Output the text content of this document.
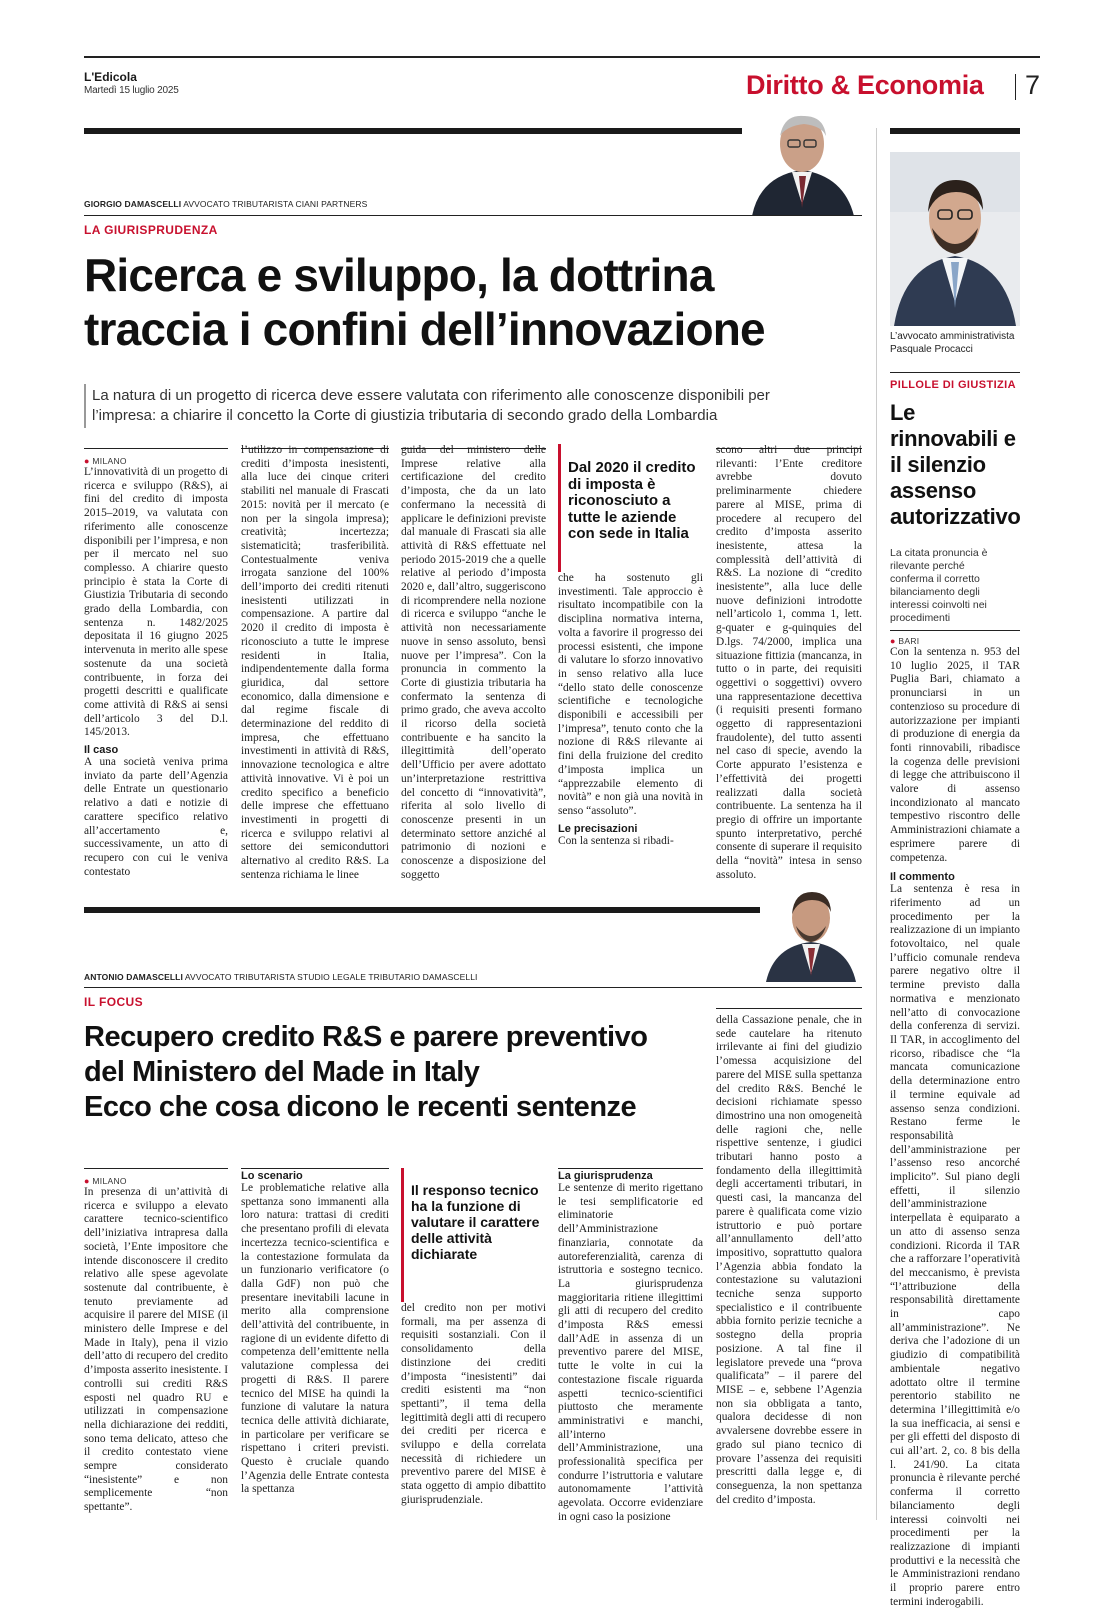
L'Edicola
Martedì 15 luglio 2025	Diritto & Economia 7
GIORGIO DAMASCELLI AVVOCATO TRIBUTARISTA CIANI PARTNERS
LA GIURISPRUDENZA
Ricerca e sviluppo, la dottrina
traccia i confini dell’innovazione
La natura di un progetto di ricerca deve essere valutata con riferimento alle conoscenze disponibili per l’impresa: a chiarire il concetto la Corte di giustizia tributaria di secondo grado della Lombardia
● MILANO

L’innovatività di un progetto di ricerca e sviluppo (R&S), ai fini del credito di imposta 2015–2019, va valutata con riferimento alle conoscenze disponibili per l’impresa, e non per il mercato nel suo complesso. A chiarire questo principio è stata la Corte di Giustizia Tributaria di secondo grado della Lombardia, con sentenza n. 1482/2025 depositata il 16 giugno 2025 intervenuta in merito alle spese sostenute da una società contribuente, in forza dei progetti descritti e qualificate come attività di R&S ai sensi dell’articolo 3 del D.l. 145/2013.

Il caso

A una società veniva prima inviato da parte dell’Agenzia delle Entrate un questionario relativo a dati e notizie di carattere specifico relativo all’accertamento e, successivamente, un atto di recupero con cui le veniva contestato

l’utilizzo in compensazione di crediti d’imposta inesistenti, alla luce dei cinque criteri stabiliti nel manuale di Frascati 2015: novità per il mercato (e non per la singola impresa); creatività; incertezza; sistematicità; trasferibilità. Contestualmente veniva irrogata sanzione del 100% dell’importo dei crediti ritenuti inesistenti utilizzati in compensazione. A partire dal 2020 il credito di imposta è riconosciuto a tutte le imprese residenti in Italia, indipendentemente dalla forma giuridica, dal settore economico, dalla dimensione e dal regime fiscale di determinazione del reddito di impresa, che effettuano investimenti in attività di R&S, innovazione tecnologica e altre attività innovative. Vi è poi un credito specifico a beneficio delle imprese che effettuano investimenti in progetti di ricerca e sviluppo relativi al settore dei semiconduttori alternativo al credito R&S. La sentenza richiama le linee

guida del ministero delle Imprese relative alla certificazione del credito d’imposta, che da un lato confermano la necessità di applicare le definizioni previste dal manuale di Frascati sia alle attività di R&S effettuate nel periodo 2015-2019 che a quelle relative al periodo d’imposta 2020 e, dall’altro, suggeriscono di ricomprendere nella nozione di ricerca e sviluppo “anche le attività non necessariamente nuove in senso assoluto, bensì nuove per l’impresa”. Con la pronuncia in commento la Corte di giustizia tributaria ha confermato la sentenza di primo grado, che aveva accolto il ricorso della società contribuente e ha sancito la illegittimità dell’operato dell’Ufficio per avere adottato un’interpretazione restrittiva del concetto di “innovatività”, riferita al solo livello di conoscenze presenti in un determinato settore anziché al patrimonio di nozioni e conoscenze a disposizione del soggetto

Dal 2020 il credito di imposta è riconosciuto a tutte le aziende con sede in Italia

che ha sostenuto gli investimenti. Tale approccio è risultato incompatibile con la disciplina normativa interna, volta a favorire il progresso dei processi esistenti, che impone di valutare lo sforzo innovativo in senso relativo alla luce “dello stato delle conoscenze scientifiche e tecnologiche disponibili e accessibili per l’impresa”, tenuto conto che la nozione di R&S rilevante ai fini della fruizione del credito d’imposta implica un “apprezzabile elemento di novità” e non già una novità in senso “assoluto”.

Le precisazioni

Con la sentenza si ribadi-

scono altri due principi rilevanti: l’Ente creditore avrebbe dovuto preliminarmente chiedere parere al MISE, prima di procedere al recupero del credito d’imposta asserito inesistente, attesa la complessità dell’attività di R&S. La nozione di “credito inesistente”, alla luce delle nuove definizioni introdotte nell’articolo 1, comma 1, lett. g-quater e g-quinquies del D.lgs. 74/2000, implica una situazione fittizia (mancanza, in tutto o in parte, dei requisiti oggettivi o soggettivi) ovvero una rappresentazione decettiva (i requisiti presenti formano oggetto di rappresentazioni fraudolente), del tutto assenti nel caso di specie, avendo la Corte appurato l’esistenza e l’effettività dei progetti realizzati dalla società contribuente. La sentenza ha il pregio di offrire un importante spunto interpretativo, perché consente di superare il requisito della “novità” intesa in senso assoluto.

ANTONIO DAMASCELLI AVVOCATO TRIBUTARISTA STUDIO LEGALE TRIBUTARIO DAMASCELLI
IL FOCUS
Recupero credito R&S e parere preventivo
del Ministero del Made in Italy
Ecco che cosa dicono le recenti sentenze
● MILANO

In presenza di un’attività di ricerca e sviluppo a elevato carattere tecnico-scientifico dell’iniziativa intrapresa dalla società, l’Ente impositore che intende disconoscere il credito relativo alle spese agevolate sostenute dal contribuente, è tenuto previamente ad acquisire il parere del MISE (il ministero delle Imprese e del Made in Italy), pena il vizio dell’atto di recupero del credito d’imposta asserito inesistente. I controlli sui crediti R&S esposti nel quadro RU e utilizzati in compensazione nella dichiarazione dei redditi, sono tema delicato, atteso che il credito contestato viene sempre considerato “inesistente” e non semplicemente “non spettante”.

Lo scenario

Le problematiche relative alla spettanza sono immanenti alla loro natura: trattasi di crediti che presentano profili di elevata incertezza tecnico-scientifica e la contestazione formulata da un funzionario verificatore (o dalla GdF) non può che presentare inevitabili lacune in merito alla comprensione dell’attività del contribuente, in ragione di un evidente difetto di competenza dell’emittente nella valutazione complessa dei progetti di R&S. Il parere tecnico del MISE ha quindi la funzione di valutare la natura tecnica delle attività dichiarate, in particolare per verificare se rispettano i criteri previsti. Questo è cruciale quando l’Agenzia delle Entrate contesta la spettanza

Il responso tecnico ha la funzione di valutare il carattere delle attività dichiarate

del credito non per motivi formali, ma per assenza di requisiti sostanziali. Con il consolidamento della distinzione dei crediti d’imposta “inesistenti” dai crediti esistenti ma “non spettanti”, il tema della legittimità degli atti di recupero dei crediti per ricerca e sviluppo e della correlata necessità di richiedere un preventivo parere del MISE è stata oggetto di ampio dibattito giurisprudenziale.

La giurisprudenza

Le sentenze di merito rigettano le tesi semplificatorie ed eliminatorie dell’Amministrazione finanziaria, connotate da autoreferenzialità, carenza di istruttoria e sostegno tecnico. La giurisprudenza maggioritaria ritiene illegittimi gli atti di recupero del credito d’imposta R&S emessi dall’AdE in assenza di un preventivo parere del MISE, tutte le volte in cui la contestazione fiscale riguarda aspetti tecnico-scientifici piuttosto che meramente amministrativi e manchi, all’interno dell’Amministrazione, una professionalità specifica per condurre l’istruttoria e valutare autonomamente l’attività agevolata. Occorre evidenziare in ogni caso la posizione

della Cassazione penale, che in sede cautelare ha ritenuto irrilevante ai fini del giudizio l’omessa acquisizione del parere del MISE sulla spettanza del credito R&S. Benché le decisioni richiamate spesso dimostrino una non omogeneità delle ragioni che, nelle rispettive sentenze, i giudici tributari hanno posto a fondamento della illegittimità degli accertamenti tributari, in questi casi, la mancanza del parere è qualificata come vizio istruttorio e può portare all’annullamento dell’atto impositivo, soprattutto qualora l’Agenzia abbia fondato la contestazione su valutazioni tecniche senza supporto specialistico e il contribuente abbia fornito perizie tecniche a sostegno della propria posizione. A tal fine il legislatore prevede una “prova qualificata” – il parere del MISE – e, sebbene l’Agenzia non sia obbligata a tanto, qualora decidesse di non avvalersene dovrebbe essere in grado sul piano tecnico di provare l’assenza dei requisiti prescritti dalla legge e, di conseguenza, la non spettanza del credito d’imposta.

L’avvocato amministrativista Pasquale Procacci
PILLOLE DI GIUSTIZIA
Le rinnovabili e il silenzio assenso autorizzativo
La citata pronuncia è rilevante perché conferma il corretto bilanciamento degli interessi coinvolti nei procedimenti
● BARI

Con la sentenza n. 953 del 10 luglio 2025, il TAR Puglia Bari, chiamato a pronunciarsi in un contenzioso su procedure di autorizzazione per impianti di produzione di energia da fonti rinnovabili, ribadisce la cogenza delle previsioni di legge che attribuiscono il valore di assenso incondizionato al mancato tempestivo riscontro delle Amministrazioni chiamate a esprimere parere di competenza.

Il commento

La sentenza è resa in riferimento ad un procedimento per la realizzazione di un impianto fotovoltaico, nel quale l’ufficio comunale rendeva parere negativo oltre il termine previsto dalla normativa e menzionato nell’atto di convocazione della conferenza di servizi. Il TAR, in accoglimento del ricorso, ribadisce che “la mancata comunicazione della determinazione entro il termine equivale ad assenso senza condizioni. Restano ferme le responsabilità dell’amministrazione per l’assenso reso ancorché implicito”. Sul piano degli effetti, il silenzio dell’amministrazione interpellata è equiparato a un atto di assenso senza condizioni. Ricorda il TAR che a rafforzare l’operatività del meccanismo, è prevista “l’attribuzione della responsabilità direttamente in capo all’amministrazione”. Ne deriva che l’adozione di un giudizio di compatibilità ambientale negativo adottato oltre il termine perentorio stabilito ne determina l’illegittimità e/o la sua inefficacia, ai sensi e per gli effetti del disposto di cui all’art. 2, co. 8 bis della l. 241/90. La citata pronuncia è rilevante perché conferma il corretto bilanciamento degli interessi coinvolti nei procedimenti per la realizzazione di impianti produttivi e la necessità che le Amministrazioni rendano il proprio parere entro termini inderogabili.
